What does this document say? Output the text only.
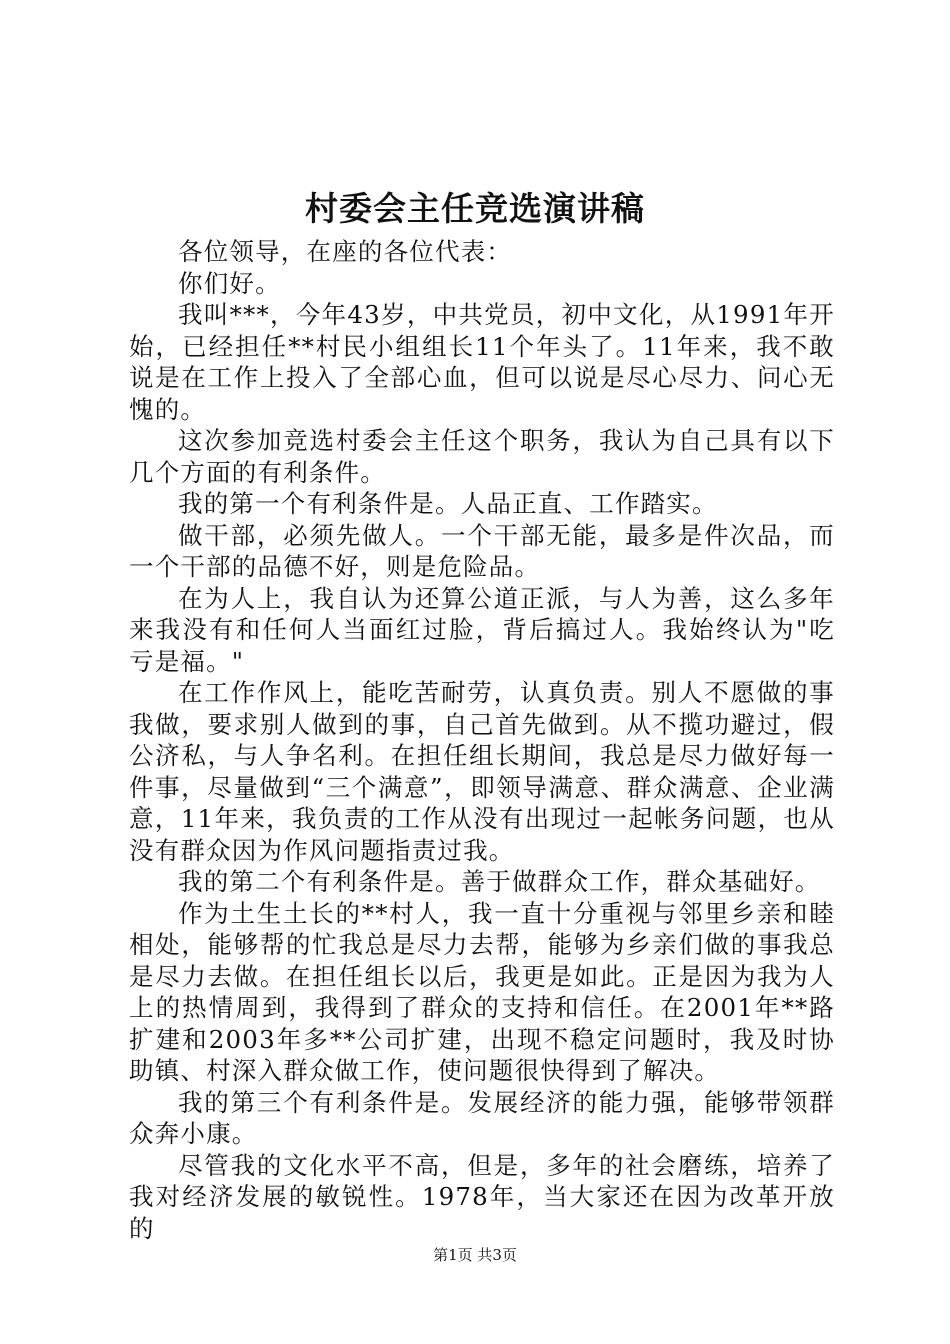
村委会主任竞选演讲稿

各位领导，在座的各位代表：

你们好。

我叫***，今年43岁，中共党员，初中文化，从1991年开始，已经担任**村民小组组长11个年头了。11年来，我不敢说是在工作上投入了全部心血，但可以说是尽心尽力、问心无愧的。

这次参加竞选村委会主任这个职务，我认为自己具有以下几个方面的有利条件。

我的第一个有利条件是。人品正直、工作踏实。

做干部，必须先做人。一个干部无能，最多是件次品，而一个干部的品德不好，则是危险品。

在为人上，我自认为还算公道正派，与人为善，这么多年来我没有和任何人当面红过脸，背后搞过人。我始终认为"吃亏是福。"

在工作作风上，能吃苦耐劳，认真负责。别人不愿做的事我做，要求别人做到的事，自己首先做到。从不揽功避过，假公济私，与人争名利。在担任组长期间，我总是尽力做好每一件事，尽量做到“三个满意”，即领导满意、群众满意、企业满意，11年来，我负责的工作从没有出现过一起帐务问题，也从没有群众因为作风问题指责过我。

我的第二个有利条件是。善于做群众工作，群众基础好。

作为土生土长的**村人，我一直十分重视与邻里乡亲和睦相处，能够帮的忙我总是尽力去帮，能够为乡亲们做的事我总是尽力去做。在担任组长以后，我更是如此。正是因为我为人上的热情周到，我得到了群众的支持和信任。在2001年**路扩建和2003年多**公司扩建，出现不稳定问题时，我及时协助镇、村深入群众做工作，使问题很快得到了解决。

我的第三个有利条件是。发展经济的能力强，能够带领群众奔小康。

尽管我的文化水平不高，但是，多年的社会磨练，培养了我对经济发展的敏锐性。1978年，当大家还在因为改革开放的

第1页 共3页
